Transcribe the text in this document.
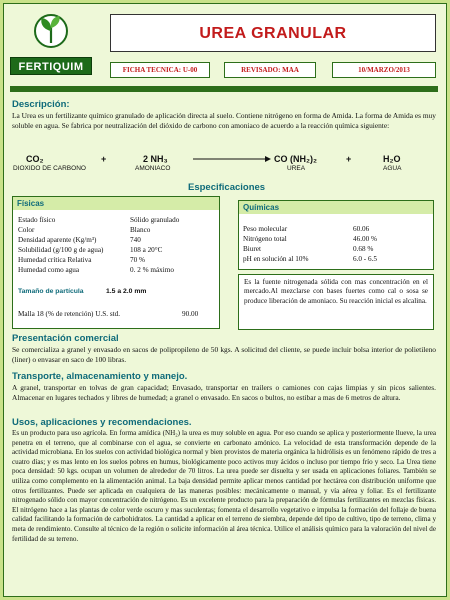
FERTIQUIM
UREA GRANULAR
FICHA TECNICA: U-00	REVISADO: MAA	10/MARZO/2013
Descripción:
La Urea es un fertilizante químico granulado de aplicación directa al suelo. Contiene nitrógeno en forma de Amida. La forma de Amida es muy soluble en agua. Se fabrica por neutralización del dióxido de carbono con amoniaco de acuerdo a la reacción química siguiente:
CO₂	+	2 NH₃	CO (NH₂)₂	+	H₂O
DIOXIDO DE CARBONO	AMONIACO	UREA	AGUA
Especificaciones
Físicas
Estado físico	Sólido granulado
Color	Blanco
Densidad aparente (Kg/m³)	740
Solubilidad (g/100 g de agua)	108 a 20°C
Humedad crítica Relativa	70 %
Humedad como agua	0. 2 % máximo
Tamaño de partícula	1.5 a 2.0 mm
Malla 18 (% de retención) U.S. std.	90.00
Químicas
Peso molecular	60.06
Nitrógeno total	46.00 %
Biuret	0.68 %
pH en solución al 10%	6.0 - 6.5
Es la fuente nitrogenada sólida con mas concentración en el mercado.Al mezclarse con bases fuertes como cal o sosa se produce liberación de amoniaco. Su reacción inicial es alcalina.
Presentación comercial
Se comercializa a granel y envasado en sacos de polipropileno de 50 kgs. A solicitud del cliente, se puede incluir bolsa interior de polietileno (liner) o envasar en saco de 100 libras.
Transporte, almacenamiento y manejo.
A granel, transportar en tolvas de gran capacidad; Envasado, transportar en trailers o camiones con cajas limpias y sin picos salientes. Almacenar en lugares techados y libres de humedad; a granel o envasado. En sacos o bultos, no estibar a mas de 6 metros de altura.
Usos, aplicaciones y recomendaciones.
Es un producto para uso agrícola. En forma amídica (NH₂) la urea es muy soluble en agua. Por eso cuando se aplica y posteriormente llueve, la urea penetra en el terreno, que al combinarse con el agua, se convierte en carbonato amónico. La velocidad de esta transformación depende de la actividad microbiana. En los suelos con actividad biológica normal y bien provistos de materia orgánica la hidrólisis es un fenómeno rápido de tres a cuatro días; y es mas lento en los suelos pobres en humus, biológicamente poco activos muy ácidos o incluso por tiempo frío y seco. La Urea tiene poca densidad: 50 kgs. ocupan un volumen de alrededor de 70 litros. La urea puede ser disuelta y ser usada en aplicaciones foliares. También se utiliza como complemento en la alimentación animal. La baja densidad permite aplicar menos cantidad por hectárea con distribución uniforme que otros fertilizantes. Puede ser aplicada en cualquiera de las maneras posibles: mecánicamente o manual, y vía aérea y foliar. Es el fertilizante nitrogenado sólido con mayor concentración de nitrógeno. Es un excelente producto para la preparación de fórmulas fertilizantes en mezclas físicas. El nitrógeno hace a las plantas de color verde oscuro y mas suculentas; fomenta el desarrollo vegetativo e impulsa la formación del follaje de buena calidad facilitando la formación de carbohidratos. La cantidad a aplicar en el terreno de siembra, depende del tipo de cultivo, tipo de terreno, clima y meta de rendimiento. Consulte al técnico de la región o solicite información al área técnica. Utilice el análisis químico para la valoración del nivel de fertilidad de su terreno.
